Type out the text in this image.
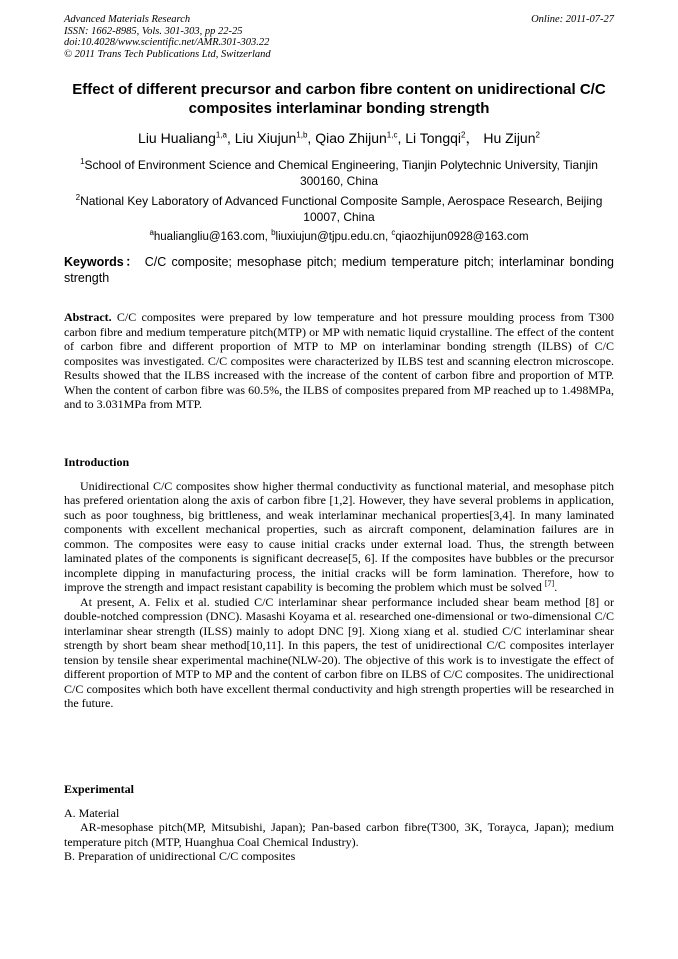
Advanced Materials Research
ISSN: 1662-8985, Vols. 301-303, pp 22-25
doi:10.4028/www.scientific.net/AMR.301-303.22
© 2011 Trans Tech Publications Ltd, Switzerland
Online: 2011-07-27
Effect of different precursor and carbon fibre content on unidirectional C/C composites interlaminar bonding strength
Liu Hualiang$^{1,a}$, Liu Xiujun$^{1,b}$, Qiao Zhijun$^{1,c}$, Li Tongqi$^2$， Hu Zijun$^2$
$^1$School of Environment Science and Chemical Engineering, Tianjin Polytechnic University, Tianjin 300160, China
$^2$National Key Laboratory of Advanced Functional Composite Sample, Aerospace Research, Beijing 10007, China
$^a$hualiangliu@163.com, $^b$liuxiujun@tjpu.edu.cn, $^c$qiaozhijun0928@163.com
Keywords： C/C composite; mesophase pitch; medium temperature pitch; interlaminar bonding strength

Abstract. C/C composites were prepared by low temperature and hot pressure moulding process from T300 carbon fibre and medium temperature pitch(MTP) or MP with nematic liquid crystalline. The effect of the content of carbon fibre and different proportion of MTP to MP on interlaminar bonding strength (ILBS) of C/C composites was investigated. C/C composites were characterized by ILBS test and scanning electron microscope. Results showed that the ILBS increased with the increase of the content of carbon fibre and proportion of MTP. When the content of carbon fibre was 60.5%, the ILBS of composites prepared from MP reached up to 1.498MPa, and to 3.031MPa from MTP.

Introduction

Unidirectional C/C composites show higher thermal conductivity as functional material, and mesophase pitch has prefered orientation along the axis of carbon fibre [1,2]. However, they have several problems in application, such as poor toughness, big brittleness, and weak interlaminar mechanical properties[3,4]. In many laminated components with excellent mechanical properties, such as aircraft component, delamination failures are in common. The composites were easy to cause initial cracks under external load. Thus, the strength between laminated plates of the components is significant decrease[5, 6]. If the composites have bubbles or the precursor incomplete dipping in manufacturing process, the initial cracks will be form lamination. Therefore, how to improve the strength and impact resistant capability is becoming the problem which must be solved [7].

At present, A. Felix et al. studied C/C interlaminar shear performance included shear beam method [8] or double-notched compression (DNC). Masashi Koyama et al. researched one-dimensional or two-dimensional C/C interlaminar shear strength (ILSS) mainly to adopt DNC [9]. Xiong xiang et al. studied C/C interlaminar shear strength by short beam shear method[10,11]. In this papers, the test of unidirectional C/C composites interlayer tension by tensile shear experimental machine(NLW-20). The objective of this work is to investigate the effect of different proportion of MTP to MP and the content of carbon fibre on ILBS of C/C composites. The unidirectional C/C composites which both have excellent thermal conductivity and high strength properties will be researched in the future.

Experimental

A. Material

AR-mesophase pitch(MP, Mitsubishi, Japan); Pan-based carbon fibre(T300, 3K, Torayca, Japan); medium temperature pitch (MTP, Huanghua Coal Chemical Industry).

B. Preparation of unidirectional C/C composites
